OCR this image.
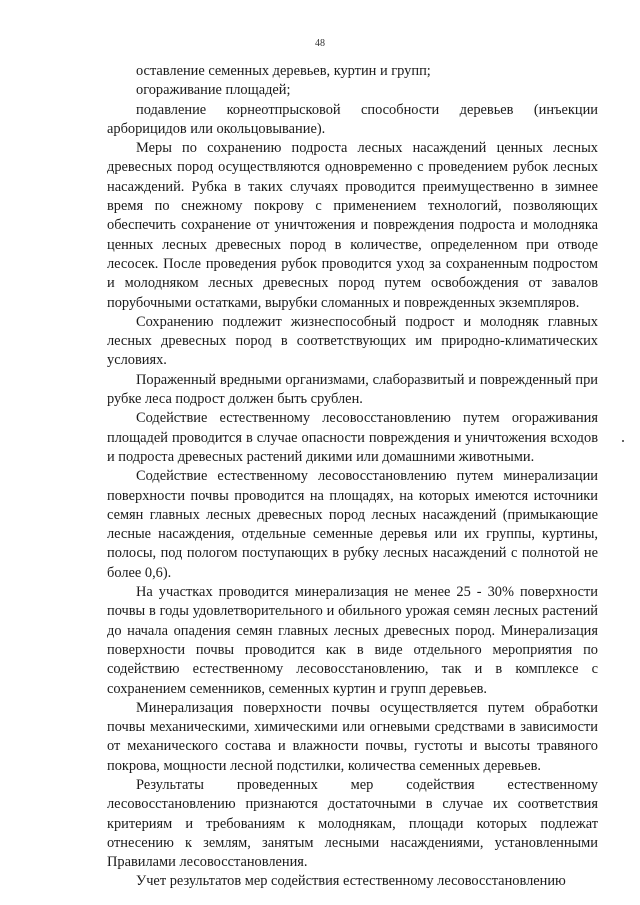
48

оставление семенных деревьев, куртин и групп;

огораживание площадей;

подавление корнеотпрысковой способности деревьев (инъекции арборицидов или окольцовывание).

Меры по сохранению подроста лесных насаждений ценных лесных древесных пород осуществляются одновременно с проведением рубок лесных насаждений. Рубка в таких случаях проводится преимущественно в зимнее время по снежному покрову с применением технологий, позволяющих обеспечить сохранение от уничтожения и повреждения подроста и молодняка ценных лесных древесных пород в количестве, определенном при отводе лесосек. После проведения рубок проводится уход за сохраненным подростом и молодняком лесных древесных пород путем освобождения от завалов порубочными остатками, вырубки сломанных и поврежденных экземпляров.

Сохранению подлежит жизнеспособный подрост и молодняк главных лесных древесных пород в соответствующих им природно-климатических условиях.

Пораженный вредными организмами, слаборазвитый и поврежденный при рубке леса подрост должен быть срублен.

Содействие естественному лесовосстановлению путем огораживания площадей проводится в случае опасности повреждения и уничтожения всходов и подроста древесных растений дикими или домашними животными.

Содействие естественному лесовосстановлению путем минерализации поверхности почвы проводится на площадях, на которых имеются источники семян главных лесных древесных пород лесных насаждений (примыкающие лесные насаждения, отдельные семенные деревья или их группы, куртины, полосы, под пологом поступающих в рубку лесных насаждений с полнотой не более 0,6).

На участках проводится минерализация не менее 25 - 30% поверхности почвы в годы удовлетворительного и обильного урожая семян лесных растений до начала опадения семян главных лесных древесных пород. Минерализация поверхности почвы проводится как в виде отдельного мероприятия по содействию естественному лесовосстановлению, так и в комплексе с сохранением семенников, семенных куртин и групп деревьев.

Минерализация поверхности почвы осуществляется путем обработки почвы механическими, химическими или огневыми средствами в зависимости от механического состава и влажности почвы, густоты и высоты травяного покрова, мощности лесной подстилки, количества семенных деревьев.

Результаты проведенных мер содействия естественному лесовосстановлению признаются достаточными в случае их соответствия критериям и требованиям к молоднякам, площади которых подлежат отнесению к землям, занятым лесными насаждениями, установленными Правилами лесовосстановления.

Учет результатов мер содействия естественному лесовосстановлению
